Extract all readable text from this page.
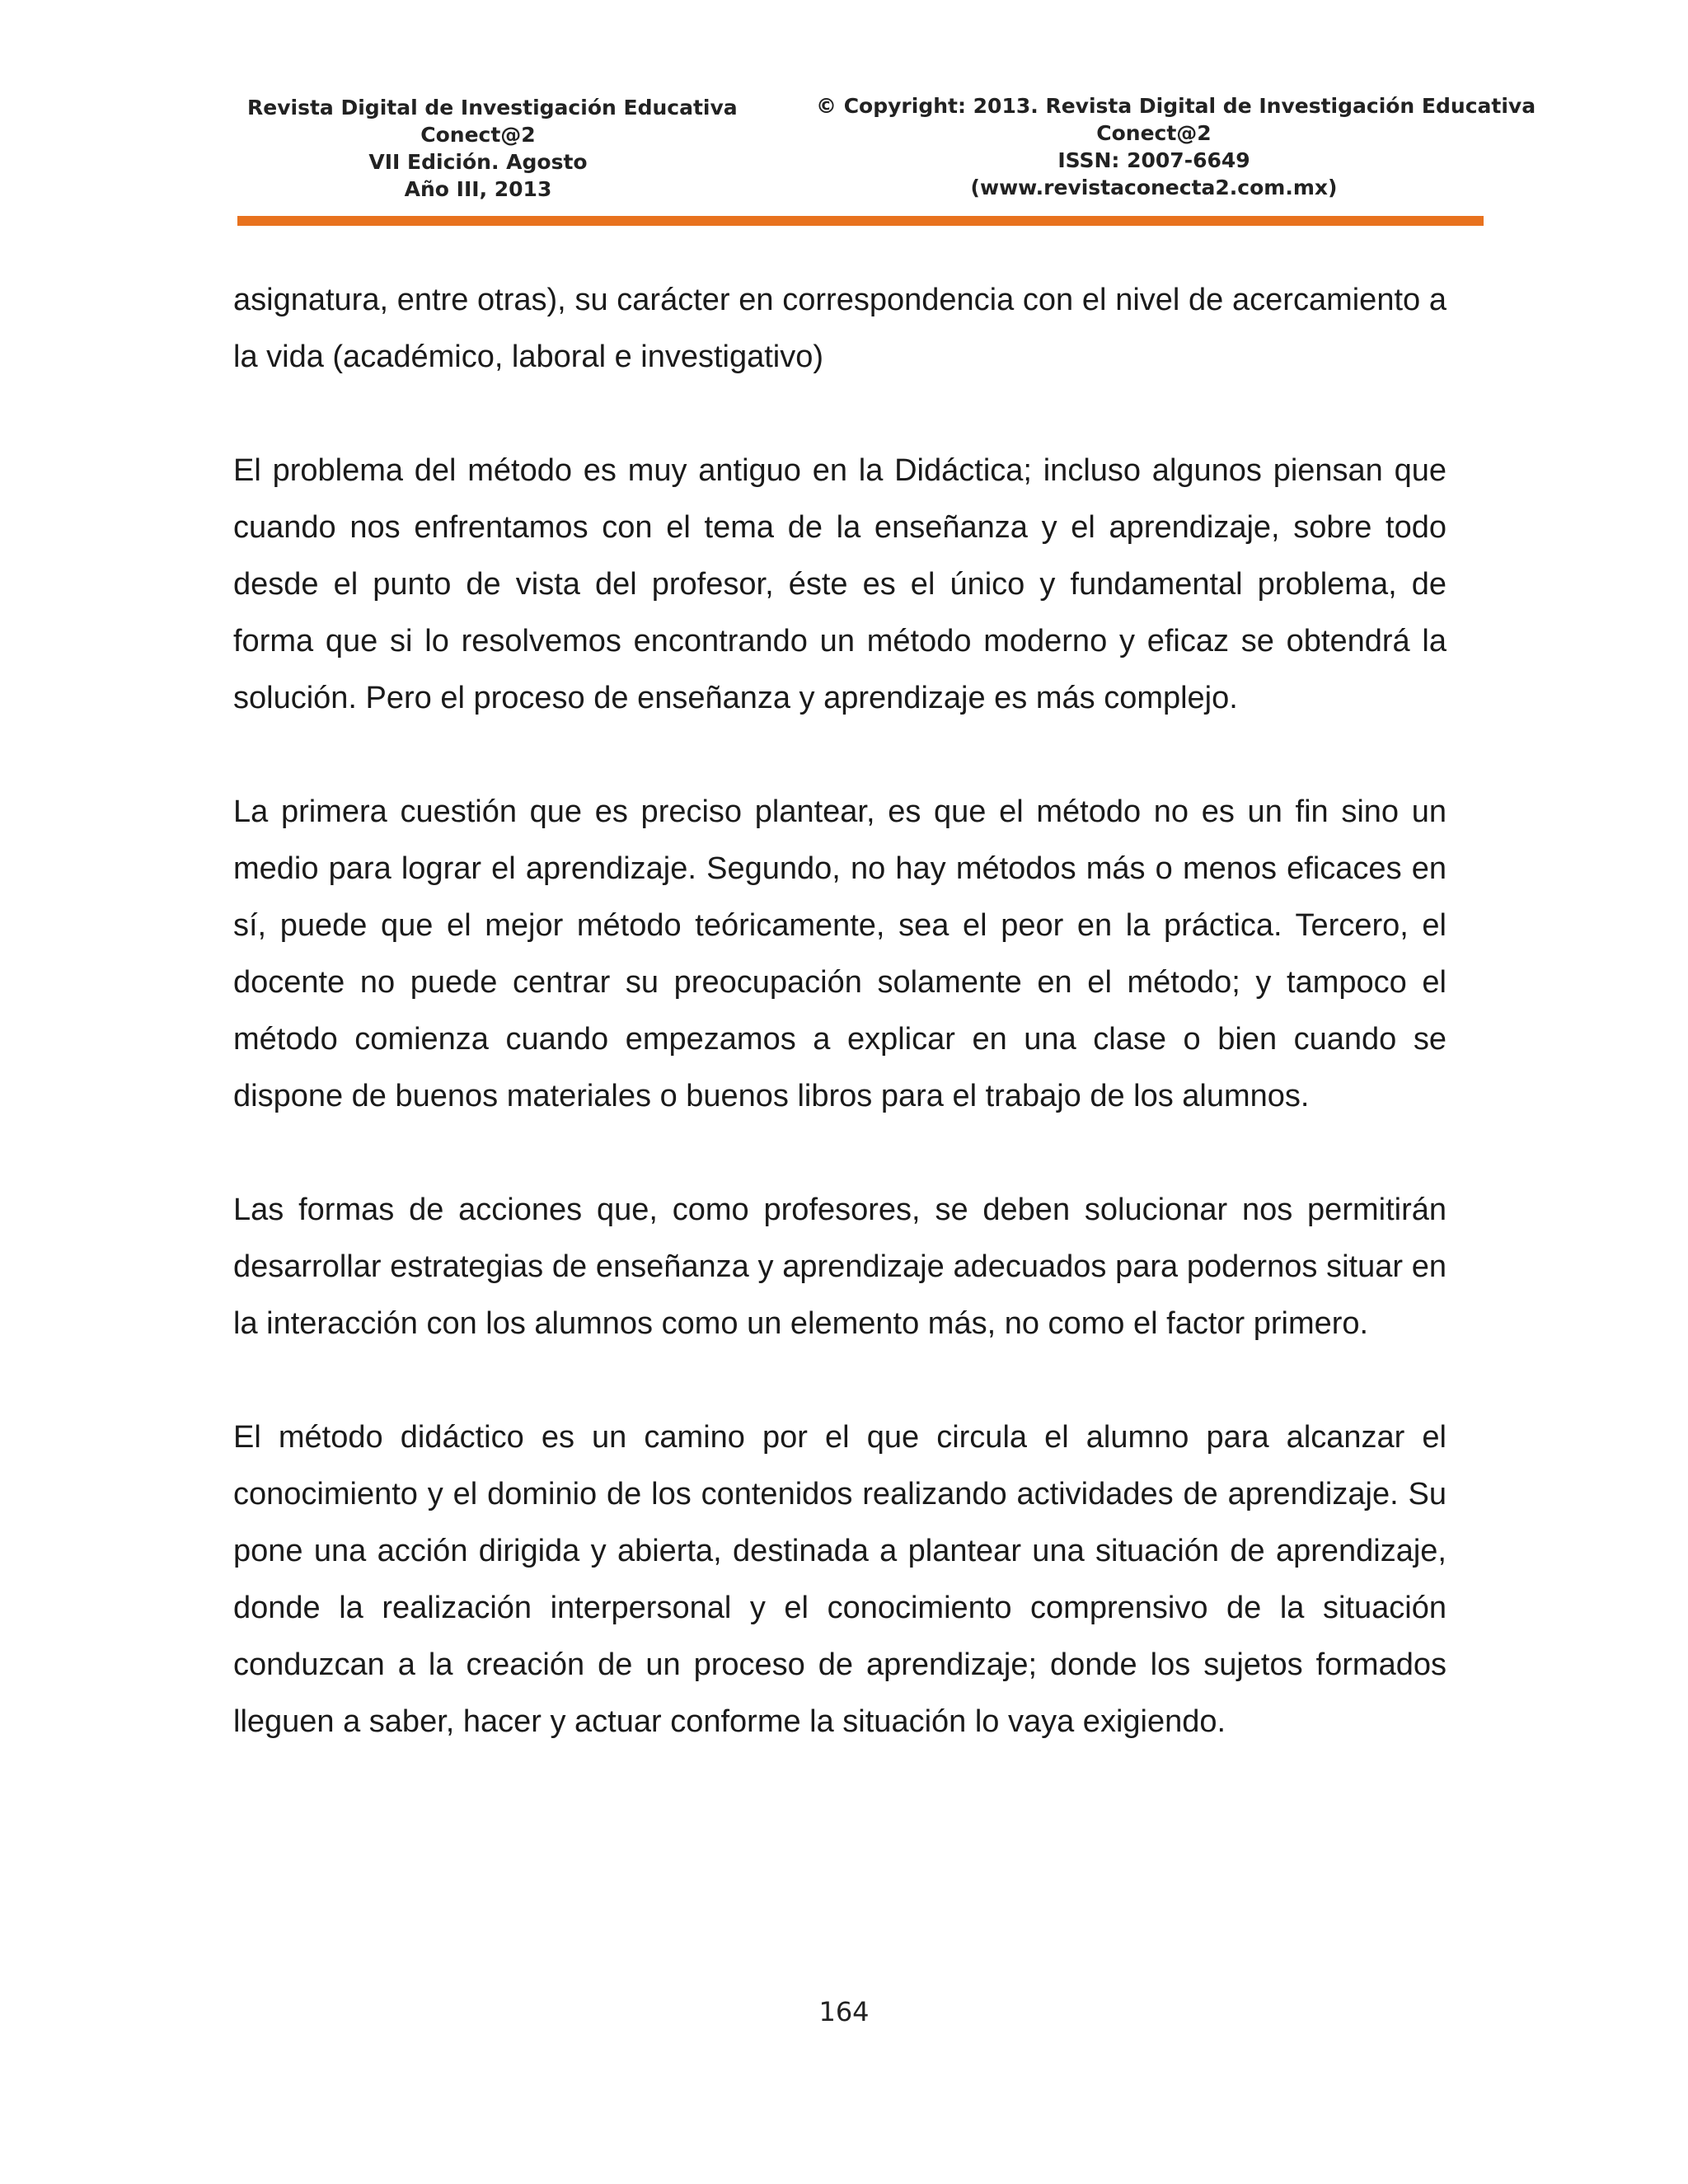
Revista Digital de Investigación Educativa
Conect@2
VII Edición. Agosto
Año III, 2013
© Copyright: 2013. Revista Digital de Investigación Educativa
Conect@2
ISSN: 2007-6649
(www.revistaconecta2.com.mx)

asignatura, entre otras), su carácter en correspondencia con el nivel de acercamiento a la vida (académico, laboral e investigativo)

El problema del método es muy antiguo en la Didáctica; incluso algunos piensan que cuando nos enfrentamos con el tema de la enseñanza y el aprendizaje, sobre todo desde el punto de vista del profesor, éste es el único y fundamental problema, de forma que si lo resolvemos encontrando un método moderno y eficaz se obtendrá la solución. Pero el proceso de enseñanza y aprendizaje es más complejo.

La primera cuestión que es preciso plantear, es que el método no es un fin sino un medio para lograr el aprendizaje. Segundo, no hay métodos más o menos eficaces en sí, puede que el mejor método teóricamente, sea el peor en la práctica. Tercero, el docente no puede centrar su preocupación solamente en el método; y tampoco el método comienza cuando empezamos a explicar en una clase o bien cuando se dispone de buenos materiales o buenos libros para el trabajo de los alumnos.

Las formas de acciones que, como profesores, se deben solucionar nos permitirán desarrollar estrategias de enseñanza y aprendizaje adecuados para podernos situar en la interacción con los alumnos como un elemento más, no como el factor primero.

El método didáctico es un camino por el que circula el alumno para alcanzar el conocimiento y el dominio de los contenidos realizando actividades de aprendizaje. Su pone una acción dirigida y abierta, destinada a plantear una situación de aprendizaje, donde la realización interpersonal y el conocimiento comprensivo de la situación conduzcan a la creación de un proceso de aprendizaje; donde los sujetos formados lleguen a saber, hacer y actuar conforme la situación lo vaya exigiendo.

164
